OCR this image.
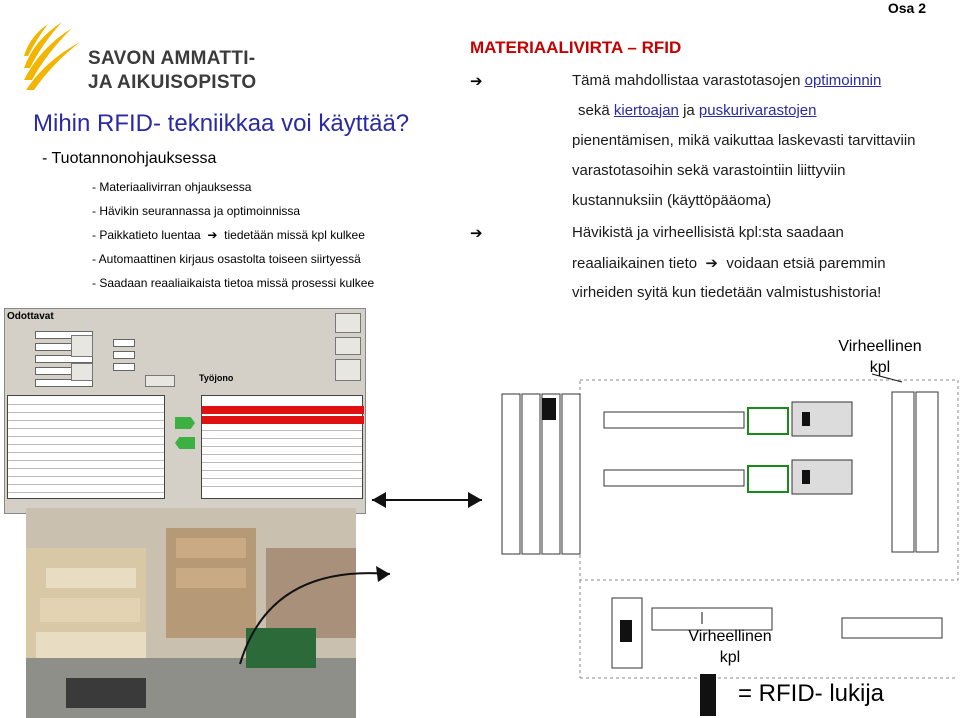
Osa 2
SAVON AMMATTI-
JA AIKUISOPISTO
Mihin RFID- tekniikkaa voi käyttää?
- Tuotannonohjauksessa
- Materiaalivirran ohjauksessa
- Hävikin seurannassa ja optimoinnissa
- Paikkatieto luentaa  ➔  tiedetään missä kpl kulkee
- Automaattinen kirjaus osastolta toiseen siirtyessä
- Saadaan reaaliaikaista tietoa missä prosessi kulkee
MATERIAALIVIRTA – RFID
➔	Tämä mahdollistaa varastotasojen optimoinnin
sekä kiertoajan ja puskurivarastojen
pienentämisen, mikä vaikuttaa laskevasti tarvittaviin
varastotasoihin sekä varastointiin liittyviin
kustannuksiin (käyttöpääoma)
➔	Hävikistä ja virheellisistä kpl:sta saadaan
reaaliaikainen tieto  ➔  voidaan etsiä paremmin
virheiden syitä kun tiedetään valmistushistoria!
Odottavat
Työjono
Virheellinen kpl
Virheellinen kpl
= RFID- lukija
